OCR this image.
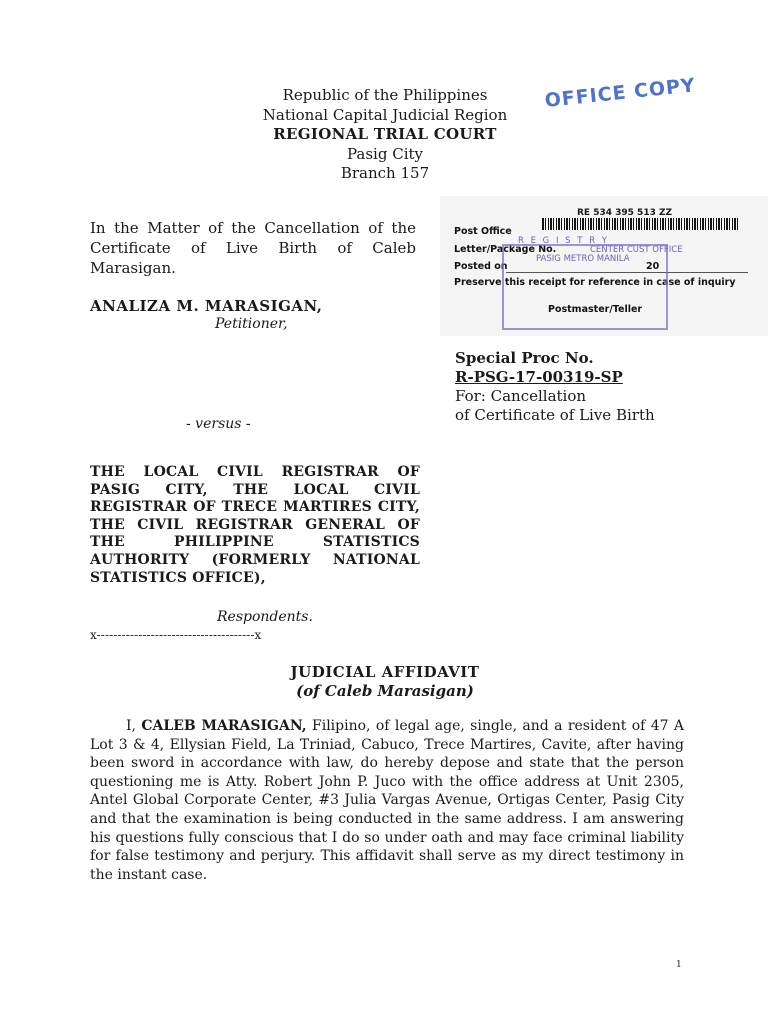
Republic of the Philippines
National Capital Judicial Region
REGIONAL TRIAL COURT
Pasig City
Branch 157
OFFICE COPY
RE 534 395 513 ZZ
Post Office
Letter/Package No.
Posted on	20
Preserve this receipt for reference in case of inquiry
Postmaster/Teller
R E G I S T R Y
CENTER CUST OFFICE
PASIG METRO MANILA
In the Matter of the Cancellation of the Certificate of Live Birth of Caleb Marasigan.
ANALIZA M. MARASIGAN,
Petitioner,
Special Proc No.
R-PSG-17-00319-SP
For: Cancellation
of Certificate of Live Birth
- versus -
THE LOCAL CIVIL REGISTRAR OF PASIG CITY, THE LOCAL CIVIL REGISTRAR OF TRECE MARTIRES CITY, THE CIVIL REGISTRAR GENERAL OF THE PHILIPPINE STATISTICS AUTHORITY (FORMERLY NATIONAL STATISTICS OFFICE),
Respondents.
x--------------------------------------x
JUDICIAL AFFIDAVIT
(of Caleb Marasigan)
I, CALEB MARASIGAN, Filipino, of legal age, single, and a resident of 47 A Lot 3 & 4, Ellysian Field, La Triniad, Cabuco, Trece Martires, Cavite, after having been sword in accordance with law, do hereby depose and state that the person questioning me is Atty. Robert John P. Juco with the office address at Unit 2305, Antel Global Corporate Center, #3 Julia Vargas Avenue, Ortigas Center, Pasig City and that the examination is being conducted in the same address. I am answering his questions fully conscious that I do so under oath and may face criminal liability for false testimony and perjury. This affidavit shall serve as my direct testimony in the instant case.
1
